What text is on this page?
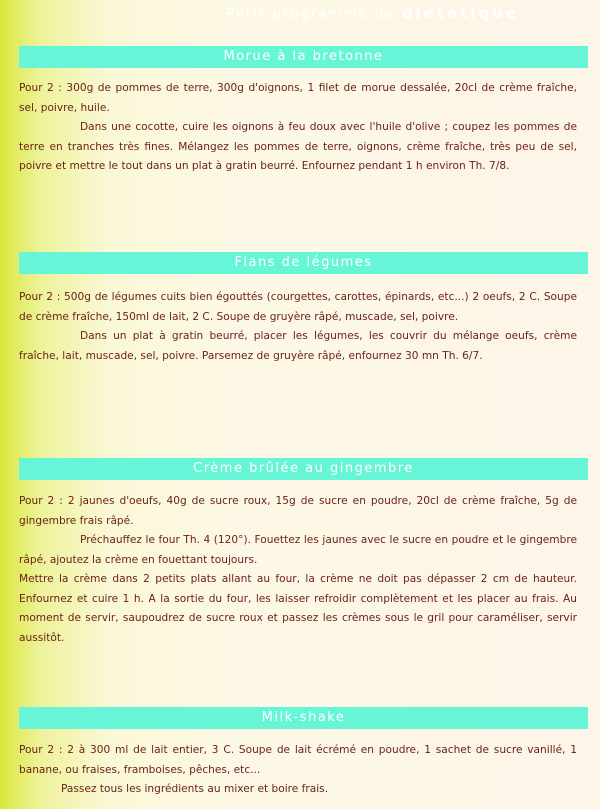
Petit programme de diététique
Morue à la bretonne

Pour 2 : 300g de pommes de terre, 300g d'oignons, 1 filet de morue dessalée, 20cl de crème fraîche, sel, poivre, huile.

Dans une cocotte, cuire les oignons à feu doux avec l'huile d'olive ; coupez les pommes de terre en tranches très fines. Mélangez les pommes de terre, oignons, crème fraîche, très peu de sel, poivre et mettre le tout dans un plat à gratin beurré. Enfournez pendant 1 h environ Th. 7/8.

Flans de légumes

Pour 2 : 500g de légumes cuits bien égouttés (courgettes, carottes, épinards, etc...) 2 oeufs, 2 C. Soupe de crème fraîche, 150ml de lait, 2 C. Soupe de gruyère râpé, muscade, sel, poivre.

Dans un plat à gratin beurré, placer les légumes, les couvrir du mélange oeufs, crème fraîche, lait, muscade, sel, poivre. Parsemez de gruyère râpé, enfournez 30 mn Th. 6/7.

Crème brûlée au gingembre

Pour 2 : 2 jaunes d'oeufs, 40g de sucre roux, 15g de sucre en poudre, 20cl de crème fraîche, 5g de gingembre frais râpé.

Préchauffez le four Th. 4 (120°). Fouettez les jaunes avec le sucre en poudre et le gingembre râpé, ajoutez la crème en fouettant toujours.

Mettre la crème dans 2 petits plats allant au four, la crème ne doit pas dépasser 2 cm de hauteur. Enfournez et cuire 1 h. A la sortie du four, les laisser refroidir complètement et les placer au frais. Au moment de servir, saupoudrez de sucre roux et passez les crèmes sous le gril pour caraméliser, servir aussitôt.

Milk-shake

Pour 2 : 2 à 300 ml de lait entier, 3 C. Soupe de lait écrémé en poudre, 1 sachet de sucre vanillé, 1 banane, ou fraises, framboises, pêches, etc...

Passez tous les ingrédients au mixer et boire frais.
